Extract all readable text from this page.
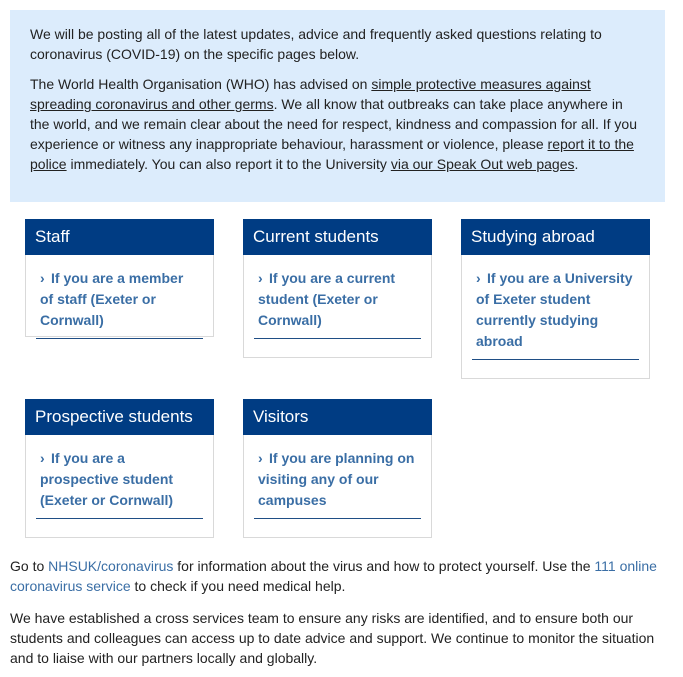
We will be posting all of the latest updates, advice and frequently asked questions relating to coronavirus (COVID-19) on the specific pages below.

The World Health Organisation (WHO) has advised on simple protective measures against spreading coronavirus and other germs. We all know that outbreaks can take place anywhere in the world, and we remain clear about the need for respect, kindness and compassion for all. If you experience or witness any inappropriate behaviour, harassment or violence, please report it to the police immediately. You can also report it to the University via our Speak Out web pages.

Staff
› If you are a member of staff (Exeter or Cornwall)
Current students
› If you are a current student (Exeter or Cornwall)
Studying abroad
› If you are a University of Exeter student currently studying abroad
Prospective students
› If you are a prospective student (Exeter or Cornwall)
Visitors
› If you are planning on visiting any of our campuses

Go to NHSUK/coronavirus for information about the virus and how to protect yourself. Use the 111 online coronavirus service to check if you need medical help.

We have established a cross services team to ensure any risks are identified, and to ensure both our students and colleagues can access up to date advice and support. We continue to monitor the situation and to liaise with our partners locally and globally.
